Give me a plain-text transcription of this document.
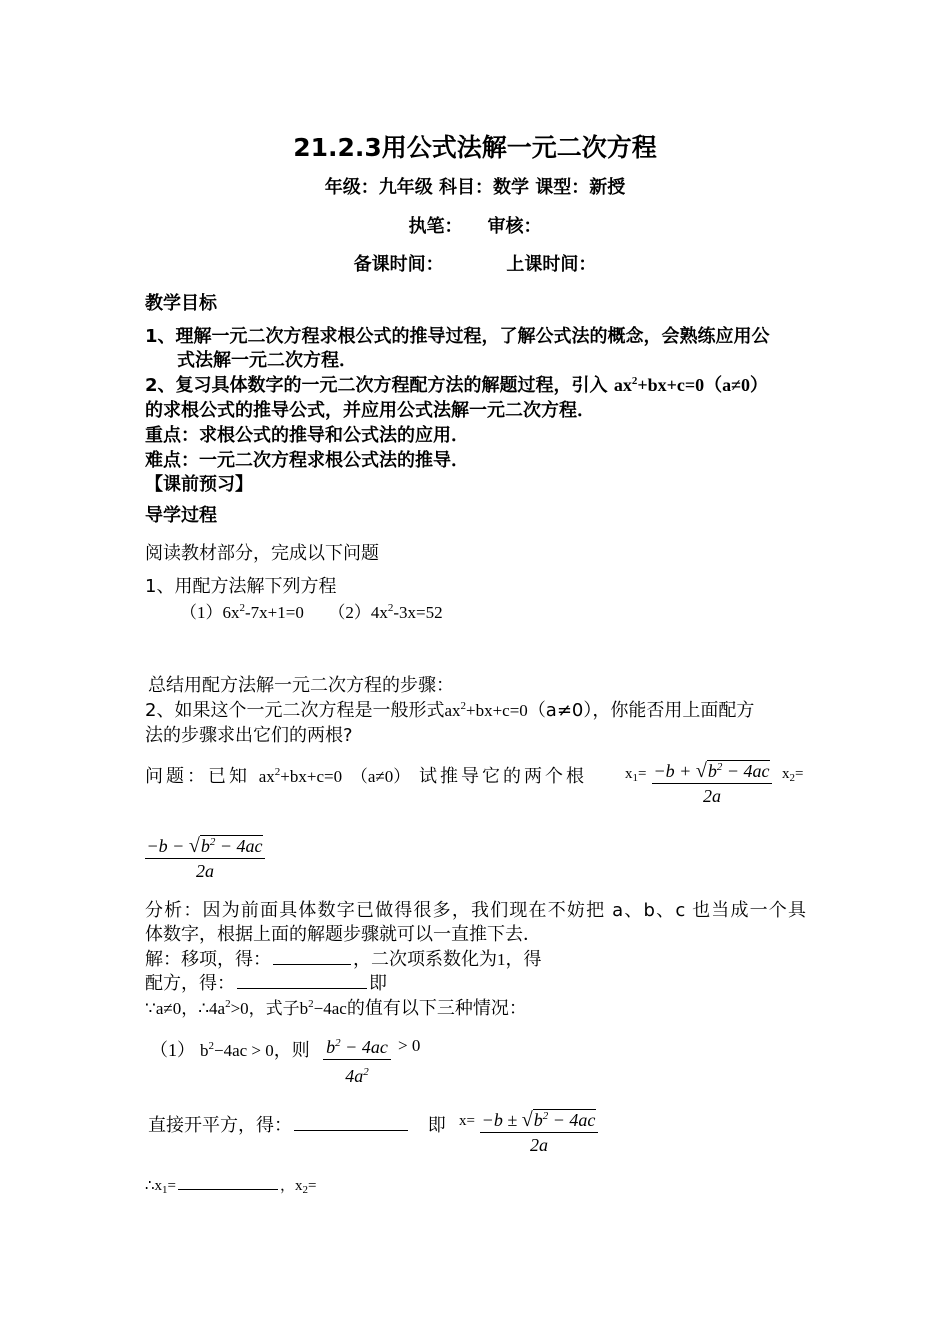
21.2.3用公式法解一元二次方程
年级：九年级 科目：数学 课型：新授
执笔：    审核：
备课时间：          上课时间：
教学目标
1、理解一元二次方程求根公式的推导过程，了解公式法的概念，会熟练应用公
式法解一元二次方程．
2、复习具体数字的一元二次方程配方法的解题过程，引入 $ax^2+bx+c=0(a\ne 0)$
的求根公式的推导公式，并应用公式法解一元二次方程．
重点：求根公式的推导和公式法的应用．
难点：一元二次方程求根公式法的推导．
【课前预习】
导学过程
阅读教材部分，完成以下问题
1、用配方法解下列方程
$(1)6x^2-7x+1=0$ $(2)4x^2-3x=52$
总结用配方法解一元二次方程的步骤：
2、如果这个一元二次方程是一般形式$ax^2+bx+c=0(a\ne 0)$，你能否用上面配方
法的步骤求出它们的两根?
问题：已知 $ax^2+bx+c=0$ （a≠0） 试推导它的两个根	$x_1= -b + √b^2 - 4ac$
2a
$x_2=$
$-b - √b^2 - 4ac$
2a
分析：因为前面具体数字已做得很多，我们现在不妨把 a、b、c 也当成一个具
体数字，根据上面的解题步骤就可以一直推下去．
解：移项，得：	，二次项系数化为1，得
配方，得：	即
∵a≠0，$\therefore 4a^2>0$，式子$b^2-4ac$的值有以下三种情况：
（1） $b^2-4ac > 0$，则 $b^2 - 4ac$
$4a^2$
> 0
直接开平方，得：	即 $x= -b \pm √b^2 - 4ac$
2a
$\therefore x_1=$	，$x_2=$
